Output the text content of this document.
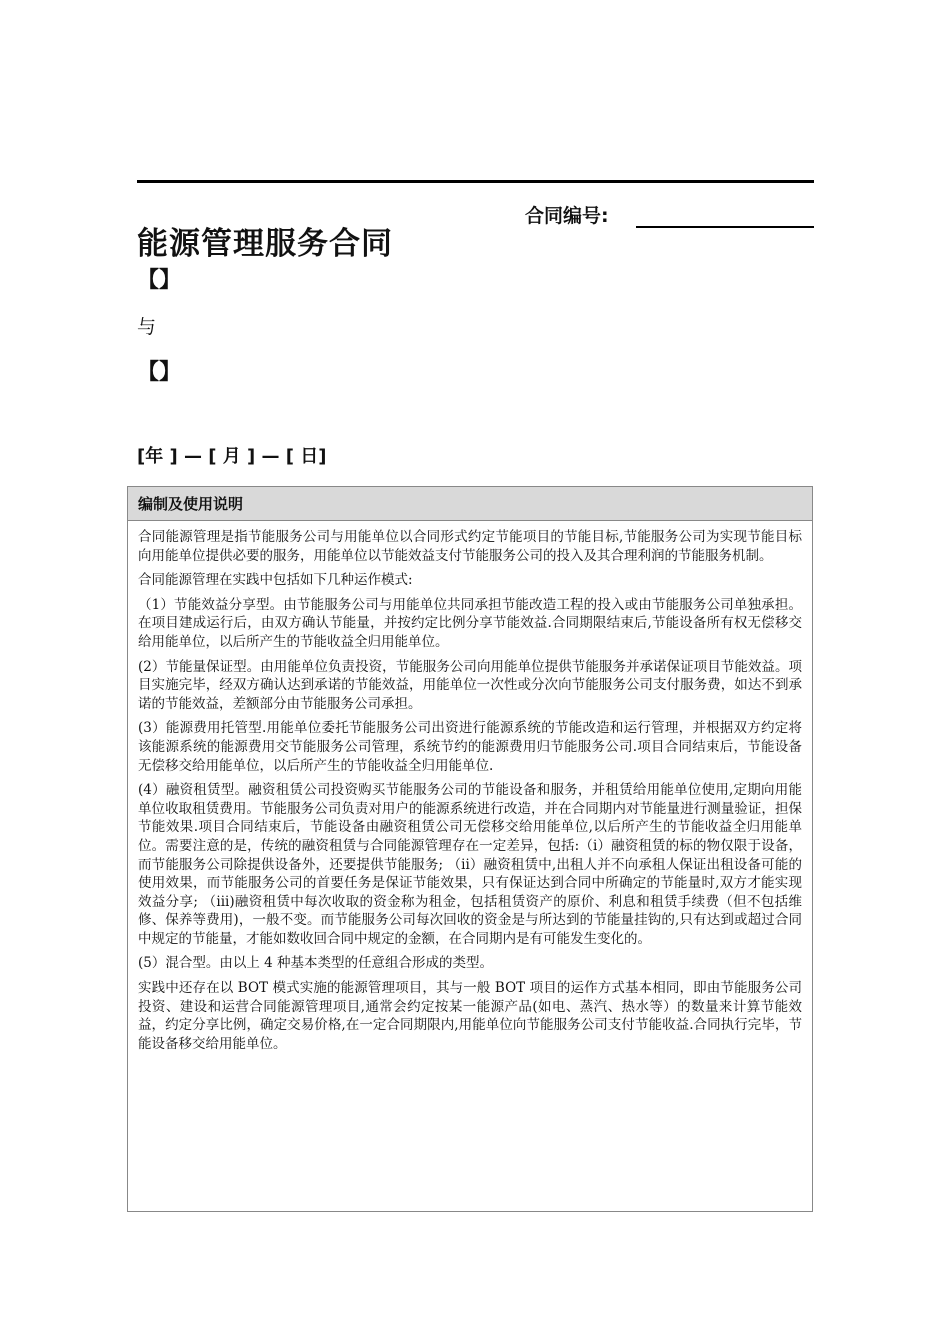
合同编号:
能源管理服务合同
【】
与
【】
[年 ] — [ 月 ] — [ 日]
编制及使用说明

合同能源管理是指节能服务公司与用能单位以合同形式约定节能项目的节能目标,节能服务公司为实现节能目标向用能单位提供必要的服务，用能单位以节能效益支付节能服务公司的投入及其合理利润的节能服务机制。

合同能源管理在实践中包括如下几种运作模式:

（1）节能效益分享型。由节能服务公司与用能单位共同承担节能改造工程的投入或由节能服务公司单独承担。在项目建成运行后，由双方确认节能量，并按约定比例分享节能效益.合同期限结束后,节能设备所有权无偿移交给用能单位，以后所产生的节能收益全归用能单位。

(2）节能量保证型。由用能单位负责投资，节能服务公司向用能单位提供节能服务并承诺保证项目节能效益。项目实施完毕，经双方确认达到承诺的节能效益，用能单位一次性或分次向节能服务公司支付服务费，如达不到承诺的节能效益，差额部分由节能服务公司承担。

(3）能源费用托管型.用能单位委托节能服务公司出资进行能源系统的节能改造和运行管理，并根据双方约定将该能源系统的能源费用交节能服务公司管理，系统节约的能源费用归节能服务公司.项目合同结束后，节能设备无偿移交给用能单位，以后所产生的节能收益全归用能单位.

(4）融资租赁型。融资租赁公司投资购买节能服务公司的节能设备和服务，并租赁给用能单位使用,定期向用能单位收取租赁费用。节能服务公司负责对用户的能源系统进行改造，并在合同期内对节能量进行测量验证，担保节能效果.项目合同结束后，节能设备由融资租赁公司无偿移交给用能单位,以后所产生的节能收益全归用能单位。需要注意的是，传统的融资租赁与合同能源管理存在一定差异，包括:（i）融资租赁的标的物仅限于设备，而节能服务公司除提供设备外，还要提供节能服务; （ii）融资租赁中,出租人并不向承租人保证出租设备可能的使用效果，而节能服务公司的首要任务是保证节能效果，只有保证达到合同中所确定的节能量时,双方才能实现效益分享; （iii)融资租赁中每次收取的资金称为租金，包括租赁资产的原价、利息和租赁手续费（但不包括维修、保养等费用)，一般不变。而节能服务公司每次回收的资金是与所达到的节能量挂钩的,只有达到或超过合同中规定的节能量，才能如数收回合同中规定的金额，在合同期内是有可能发生变化的。

(5）混合型。由以上 4 种基本类型的任意组合形成的类型。

实践中还存在以 BOT 模式实施的能源管理项目，其与一般 BOT 项目的运作方式基本相同，即由节能服务公司投资、建设和运营合同能源管理项目,通常会约定按某一能源产品(如电、蒸汽、热水等）的数量来计算节能效益，约定分享比例，确定交易价格,在一定合同期限内,用能单位向节能服务公司支付节能收益.合同执行完毕，节能设备移交给用能单位。
